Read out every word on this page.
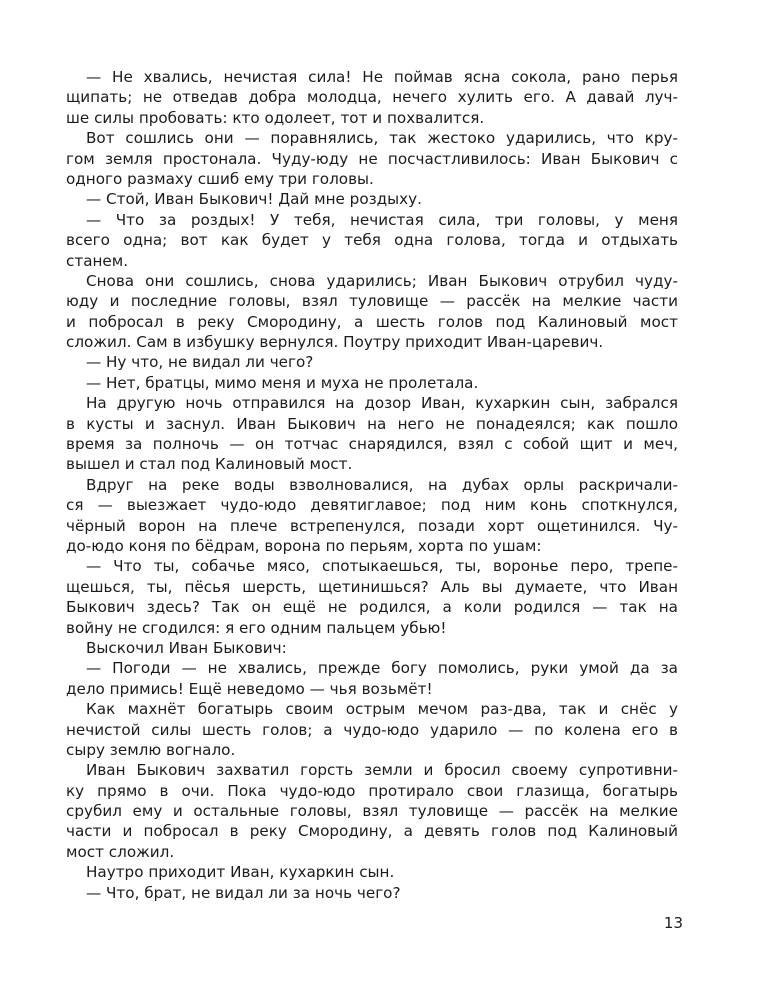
— Не хвались, нечистая сила! Не поймав ясна сокола, рано перья
щипать; не отведав добра молодца, нечего хулить его. А давай луч-
ше силы пробовать: кто одолеет, тот и похвалится.
Вот сошлись они — поравнялись, так жестоко ударились, что кру-
гом земля простонала. Чуду-юду не посчастливилось: Иван Быкович с
одного размаху сшиб ему три головы.
— Стой, Иван Быкович! Дай мне роздыху.
— Что за роздых! У тебя, нечистая сила, три головы, у меня
всего одна; вот как будет у тебя одна голова, тогда и отдыхать
станем.
Снова они сошлись, снова ударились; Иван Быкович отрубил чуду-
юду и последние головы, взял туловище — рассёк на мелкие части
и побросал в реку Смородину, а шесть голов под Калиновый мост
сложил. Сам в избушку вернулся. Поутру приходит Иван-царевич.
— Ну что, не видал ли чего?
— Нет, братцы, мимо меня и муха не пролетала.
На другую ночь отправился на дозор Иван, кухаркин сын, забрался
в кусты и заснул. Иван Быкович на него не понадеялся; как пошло
время за полночь — он тотчас снарядился, взял с собой щит и меч,
вышел и стал под Калиновый мост.
Вдруг на реке воды взволновалися, на дубах орлы раскричали-
ся — выезжает чудо-юдо девятиглавое; под ним конь споткнулся,
чёрный ворон на плече встрепенулся, позади хорт ощетинился. Чу-
до-юдо коня по бёдрам, ворона по перьям, хорта по ушам:
— Что ты, собачье мясо, спотыкаешься, ты, воронье перо, трепе-
щешься, ты, пёсья шерсть, щетинишься? Аль вы думаете, что Иван
Быкович здесь? Так он ещё не родился, а коли родился — так на
войну не сгодился: я его одним пальцем убью!
Выскочил Иван Быкович:
— Погоди — не хвались, прежде богу помолись, руки умой да за
дело примись! Ещё неведомо — чья возьмёт!
Как махнёт богатырь своим острым мечом раз-два, так и снёс у
нечистой силы шесть голов; а чудо-юдо ударило — по колена его в
сыру землю вогнало.
Иван Быкович захватил горсть земли и бросил своему супротивни-
ку прямо в очи. Пока чудо-юдо протирало свои глазища, богатырь
срубил ему и остальные головы, взял туловище — рассёк на мелкие
части и побросал в реку Смородину, а девять голов под Калиновый
мост сложил.
Наутро приходит Иван, кухаркин сын.
— Что, брат, не видал ли за ночь чего?
13
